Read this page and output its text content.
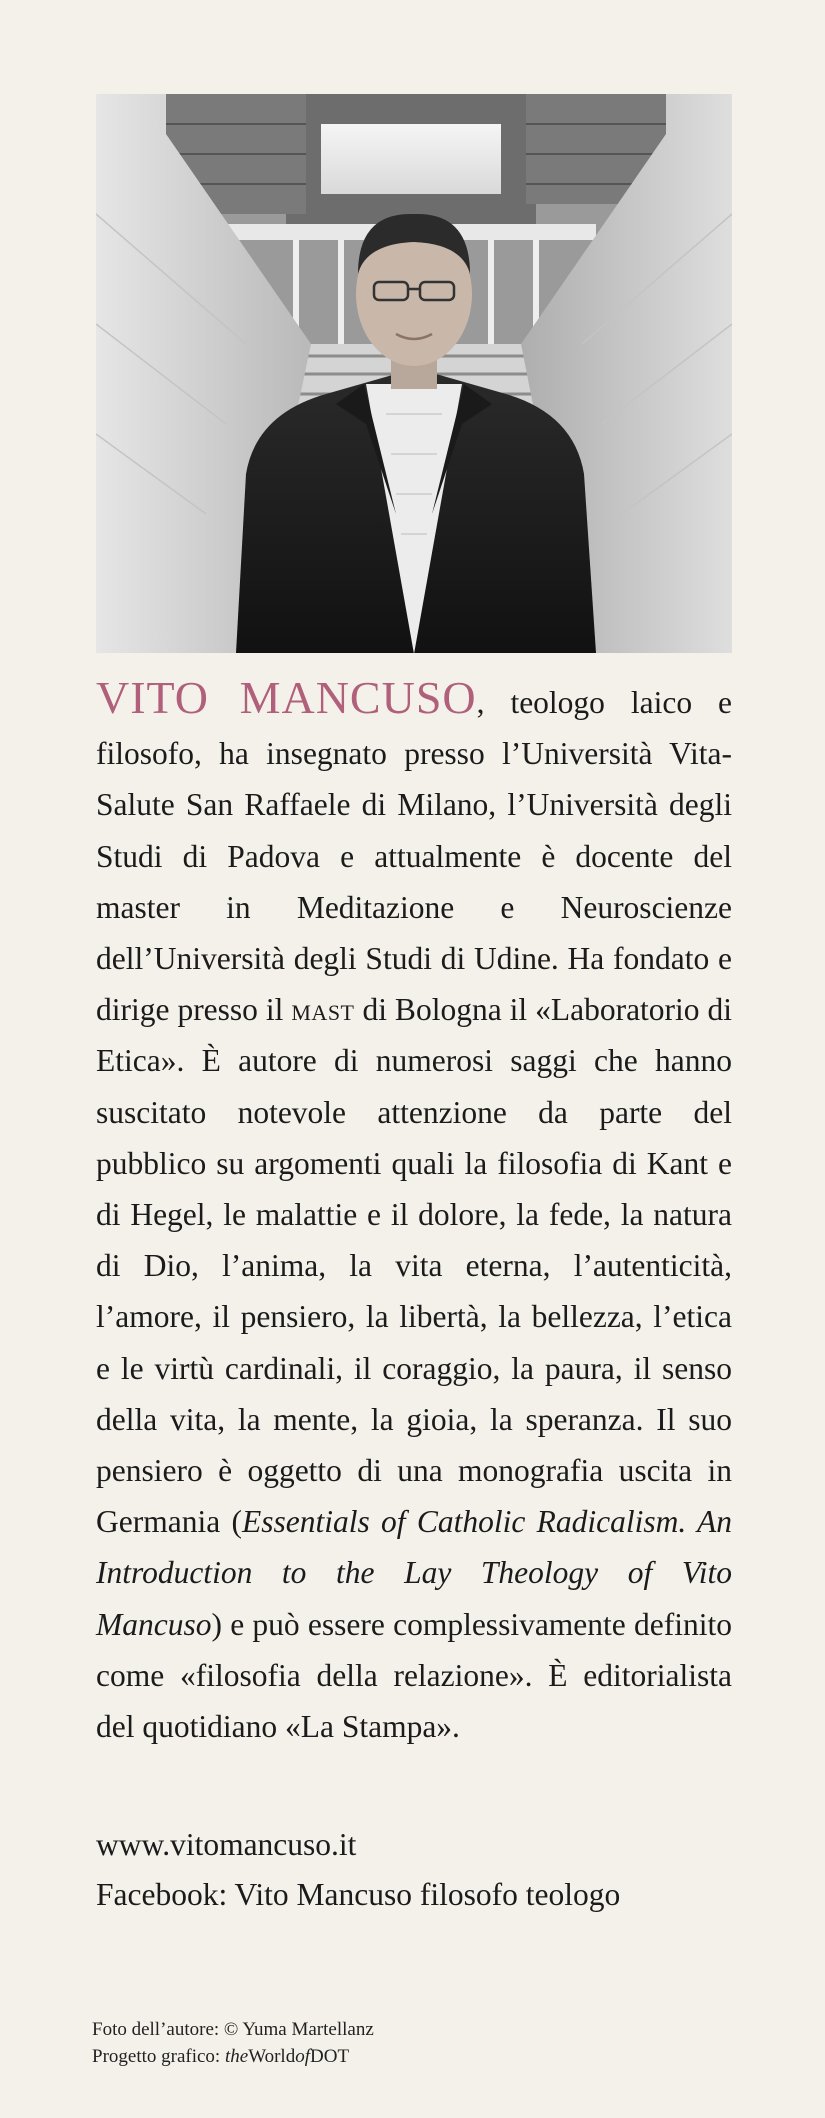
VITO MANCUSO, teologo laico e filosofo, ha insegnato presso l’Università Vita-Salute San Raffaele di Milano, l’Università degli Studi di Padova e attualmente è docente del master in Meditazione e Neuroscienze dell’Università degli Studi di Udine. Ha fondato e dirige presso il mast di Bologna il «Laboratorio di Etica». È autore di numerosi saggi che hanno suscitato notevole attenzione da parte del pubblico su argomenti quali la filosofia di Kant e di Hegel, le malattie e il dolore, la fede, la natura di Dio, l’anima, la vita eterna, l’autenticità, l’amore, il pensiero, la libertà, la bellezza, l’etica e le virtù cardinali, il coraggio, la paura, il senso della vita, la mente, la gioia, la speranza. Il suo pensiero è oggetto di una monografia uscita in Germania (Essentials of Catholic Radicalism. An Introduction to the Lay Theology of Vito Mancuso) e può essere complessivamente definito come «filosofia della relazione». È editorialista del quotidiano «La Stampa».

www.vitomancuso.it
Facebook: Vito Mancuso filosofo teologo
Foto dell’autore: © Yuma Martellanz
Progetto grafico: theWorldofDOT
